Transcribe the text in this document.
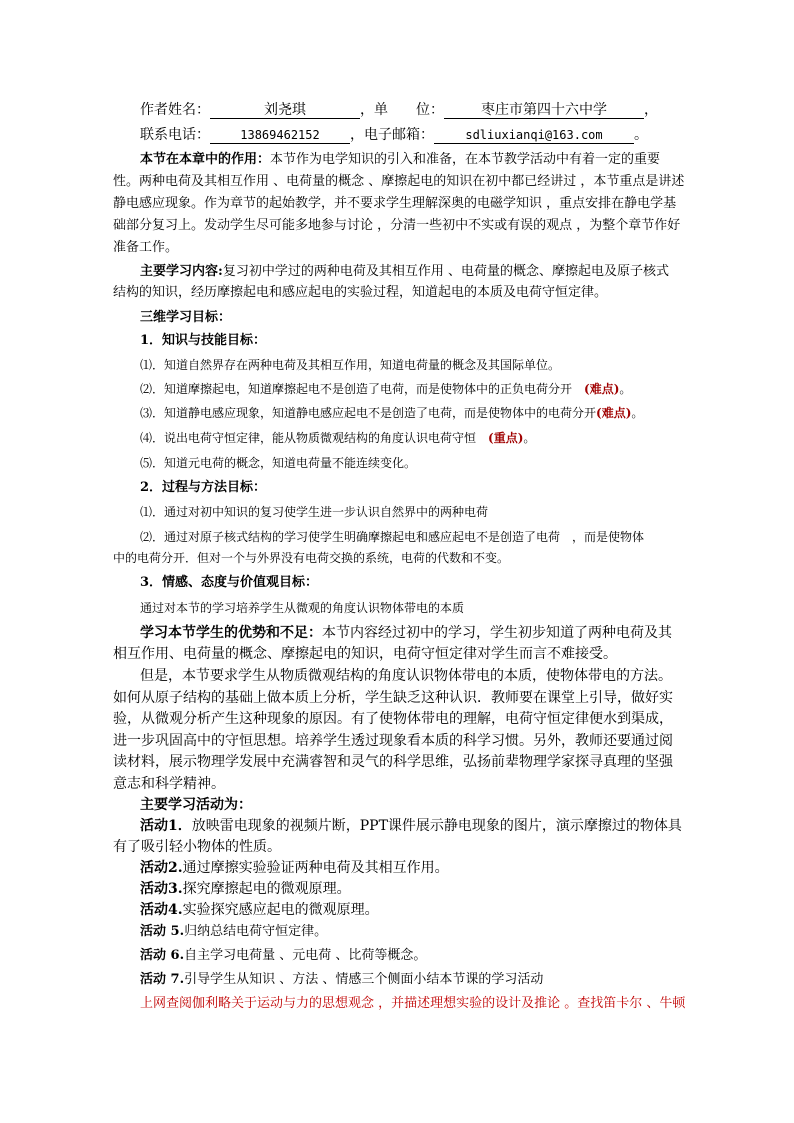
作者姓名：	刘尧琪	，单　　位：	枣庄市第四十六中学	，
联系电话：	13869462152 ，电子邮箱：	sdliuxianqi@163.com 。
本节在本章中的作用：本节作为电学知识的引入和准备，在本节教学活动中有着一定的重要
性。两种电荷及其相互作用 、电荷量的概念 、摩擦起电的知识在初中都已经讲过 ，本节重点是讲述
静电感应现象。作为章节的起始教学，并不要求学生理解深奥的电磁学知识 ，重点安排在静电学基
础部分复习上。发动学生尽可能多地参与讨论 ，分清一些初中不实或有误的观点 ，为整个章节作好
准备工作。
主要学习内容:复习初中学过的两种电荷及其相互作用 、电荷量的概念、摩擦起电及原子核式
结构的知识，经历摩擦起电和感应起电的实验过程，知道起电的本质及电荷守恒定律。
三维学习目标：
1．知识与技能目标：
⑴．知道自然界存在两种电荷及其相互作用，知道电荷量的概念及其国际单位。
⑵．知道摩擦起电，知道摩擦起电不是创造了电荷，而是使物体中的正负电荷分开　 (难点)。
⑶．知道静电感应现象，知道静电感应起电不是创造了电荷，而是使物体中的电荷分开(难点)。
⑷．说出电荷守恒定律，能从物质微观结构的角度认识电荷守恒　 (重点)。
⑸．知道元电荷的概念，知道电荷量不能连续变化。
2．过程与方法目标：
⑴．通过对初中知识的复习使学生进一步认识自然界中的两种电荷
⑵．通过对原子核式结构的学习使学生明确摩擦起电和感应起电不是创造了电荷　，而是使物体
中的电荷分开．但对一个与外界没有电荷交换的系统，电荷的代数和不变。
3．情感、态度与价值观目标：
通过对本节的学习培养学生从微观的角度认识物体带电的本质
学习本节学生的优势和不足：本节内容经过初中的学习，学生初步知道了两种电荷及其
相互作用、电荷量的概念、摩擦起电的知识，电荷守恒定律对学生而言不难接受。
但是，本节要求学生从物质微观结构的角度认识物体带电的本质，使物体带电的方法。
如何从原子结构的基础上做本质上分析，学生缺乏这种认识．教师要在课堂上引导，做好实
验，从微观分析产生这种现象的原因。有了使物体带电的理解，电荷守恒定律便水到渠成，
进一步巩固高中的守恒思想。培养学生透过现象看本质的科学习惯。另外，教师还要通过阅
读材料，展示物理学发展中充满睿智和灵气的科学思维，弘扬前辈物理学家探寻真理的坚强
意志和科学精神。
主要学习活动为：
活动1．放映雷电现象的视频片断，PPT课件展示静电现象的图片，演示摩擦过的物体具
有了吸引轻小物体的性质。
活动2.通过摩擦实验验证两种电荷及其相互作用。
活动3.探究摩擦起电的微观原理。
活动4.实验探究感应起电的微观原理。
活动 5.归纳总结电荷守恒定律。
活动 6.自主学习电荷量 、元电荷 、比荷等概念。
活动 7.引导学生从知识 、方法 、情感三个侧面小结本节课的学习活动
上网查阅伽利略关于运动与力的思想观念 ，并描述理想实验的设计及推论 。查找笛卡尔 、牛顿
